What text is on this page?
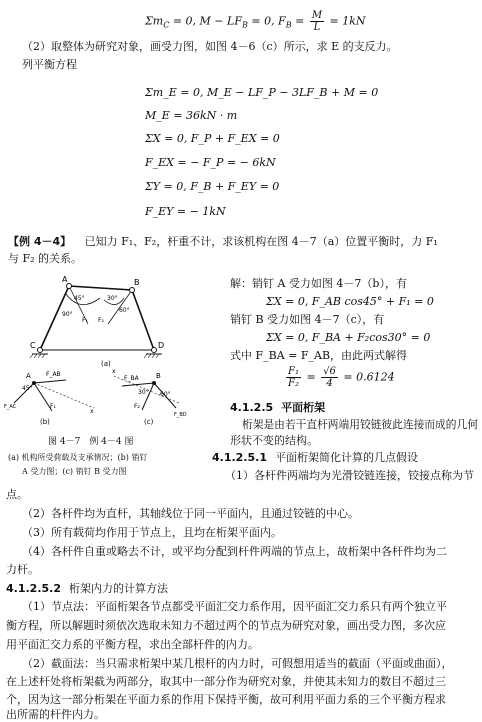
$\Sigma m_C = 0$, $M - LF_B = 0$, $F_B = \frac{M}{L} = 1kN$
（2）取整体为研究对象，画受力图，如图 4－6（c）所示，求 E 的支反力。
列平衡方程
Σm_E = 0, M_E − LF_P − 3LF_B + M = 0
M_E = 36kN · m
ΣX = 0, F_P + F_EX = 0
F_EX = − F_P = − 6kN
ΣY = 0, F_B + F_EY = 0
F_EY = − 1kN
【例 4－4】 已知力 F₁、F₂，杆重不计，求该机构在图 4－7（a）位置平衡时，力 F₁
与 F₂ 的关系。
A	B
C	D
45°	30°
90°
60°
F₁ F₂
(a)
A	F_AB
45°
F_AC	F₁
x
(b)
B
F_BA
30° 60°
F₂
F_BD
x
(c)
图 4－7　例 4－4 图
(a) 机构所受荷载及支承情况；(b) 销钉
A 受力图；(c) 销钉 B 受力图
解：销钉 A 受力如图 4－7（b），有
ΣX = 0, F_AB cos45° + F₁ = 0
销钉 B 受力如图 4－7（c），有
ΣX = 0, F_BA + F₂cos30° = 0
式中 F_BA = F_AB，由此两式解得
$\frac{\text{F₁}}{\text{F₂}} = \frac{√6}{4} = 0.6124$
4.1.2.5 平面桁架
桁架是由若干直杆两端用铰链彼此连接而成的几何
形状不变的结构。
4.1.2.5.1 平面桁架简化计算的几点假设
（1）各杆件两端均为光滑铰链连接，铰接点称为节
点。
（2）各杆件均为直杆，其轴线位于同一平面内，且通过铰链的中心。
（3）所有载荷均作用于节点上，且均在桁架平面内。
（4）各杆件自重或略去不计，或平均分配到杆件两端的节点上，故桁架中各杆件均为二
力杆。
4.1.2.5.2 桁架内力的计算方法
（1）节点法：平面桁架各节点都受平面汇交力系作用，因平面汇交力系只有两个独立平
衡方程，所以解题时须依次选取未知力不超过两个的节点为研究对象，画出受力图，多次应
用平面汇交力系的平衡方程，求出全部杆件的内力。
（2）截面法：当只需求桁架中某几根杆的内力时，可假想用适当的截面（平面或曲面），
在上述杆处将桁架截为两部分，取其中一部分作为研究对象，并使其未知力的数目不超过三
个，因为这一部分桁架在平面力系的作用下保持平衡，故可利用平面力系的三个平衡方程求
出所需的杆件内力。
